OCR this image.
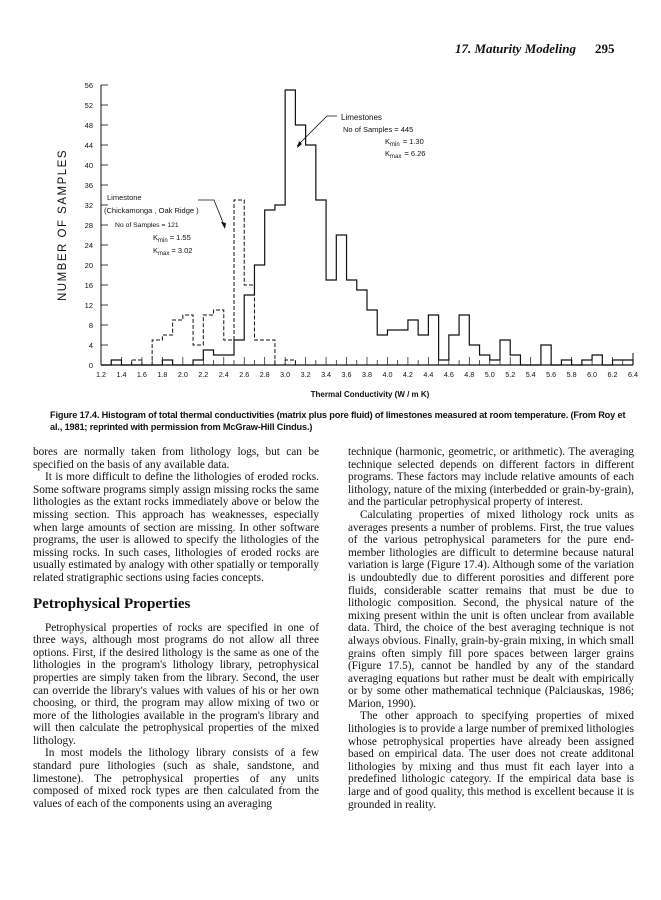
17. Maturity Modeling 295
0
4
8
12
16
20
24
28
32
36
40
44
48
52
56
1.2 1.4 1.6 1.8 2.0 2.2 2.4 2.6 2.8 3.0 3.2 3.4 3.6 3.8 4.0 4.2 4.4 4.6 4.8 5.0 5.2 5.4 5.6 5.8 6.0 6.2 6.4
NUMBER OF SAMPLES
Thermal Conductivity (W / m K)
Limestones
No of Samples = 445
$K_{min} = 1.30$
$K_{max} = 6.26$
Limestone
(Chickamonga , Oak Ridge )
No of Samples = 121
$K_{min} = 1.55$
$K_{max} = 3.02$
Figure 17.4. Histogram of total thermal conductivities (matrix plus pore fluid) of limestones measured at room temperature. (From Roy et al., 1981; reprinted with permission from McGraw-Hill Cindus.)

bores are normally taken from lithology logs, but can be specified on the basis of any available data.

It is more difficult to define the lithologies of eroded rocks. Some software programs simply assign missing rocks the same lithologies as the extant rocks immediately above or below the missing section. This approach has weaknesses, especially when large amounts of section are missing. In other software programs, the user is allowed to specify the lithologies of the missing rocks. In such cases, lithologies of eroded rocks are usually estimated by analogy with other spatially or temporally related stratigraphic sections using facies concepts.

Petrophysical Properties

Petrophysical properties of rocks are specified in one of three ways, although most programs do not allow all three options. First, if the desired lithology is the same as one of the lithologies in the program's lithology library, petrophysical properties are simply taken from the library. Second, the user can override the library's values with values of his or her own choosing, or third, the program may allow mixing of two or more of the lithologies available in the program's library and will then calculate the petrophysical properties of the mixed lithology.

In most models the lithology library consists of a few standard pure lithologies (such as shale, sandstone, and limestone). The petrophysical properties of any units composed of mixed rock types are then calculated from the values of each of the components using an averaging

technique (harmonic, geometric, or arithmetic). The averaging technique selected depends on different factors in different programs. These factors may include relative amounts of each lithology, nature of the mixing (interbedded or grain-by-grain), and the particular petrophysical property of interest.

Calculating properties of mixed lithology rock units as averages presents a number of problems. First, the true values of the various petrophysical parameters for the pure end-member lithologies are difficult to determine because natural variation is large (Figure 17.4). Although some of the variation is undoubtedly due to different porosities and different pore fluids, considerable scatter remains that must be due to lithologic composition. Second, the physical nature of the mixing present within the unit is often unclear from available data. Third, the choice of the best averaging technique is not always obvious. Finally, grain-by-grain mixing, in which small grains often simply fill pore spaces between larger grains (Figure 17.5), cannot be handled by any of the standard averaging equations but rather must be dealt with empirically or by some other mathematical technique (Palciauskas, 1986; Marion, 1990).

The other approach to specifying properties of mixed lithologies is to provide a large number of premixed lithologies whose petrophysical properties have already been assigned based on empirical data. The user does not create additonal lithologies by mixing and thus must fit each layer into a predefined lithologic category. If the empirical data base is large and of good quality, this method is excellent because it is grounded in reality.
